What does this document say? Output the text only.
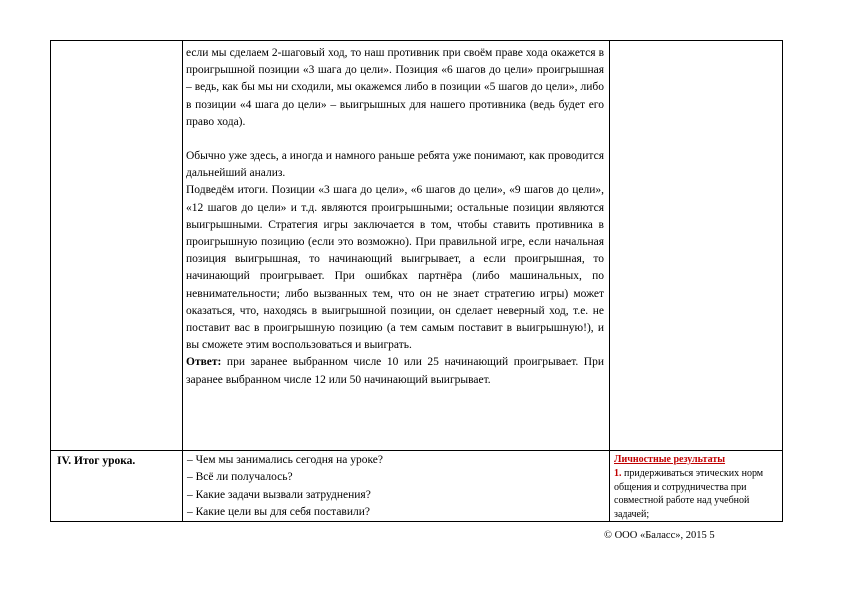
если мы сделаем 2-шаговый ход, то наш противник при своём праве хода окажется в проигрышной позиции «3 шага до цели». Позиция «6 шагов до цели» проигрышная – ведь, как бы мы ни сходили, мы окажемся либо в позиции «5 шагов до цели», либо в позиции «4 шага до цели» – выигрышных для нашего противника (ведь будет его право хода).

Обычно уже здесь, а иногда и намного раньше ребята уже понимают, как проводится дальнейший анализ.

Подведём итоги. Позиции «3 шага до цели», «6 шагов до цели», «9 шагов до цели», «12 шагов до цели» и т.д. являются проигрышными; остальные позиции являются выигрышными. Стратегия игры заключается в том, чтобы ставить противника в проигрышную позицию (если это возможно). При правильной игре, если начальная позиция выигрышная, то начинающий выигрывает, а если проигрышная, то начинающий проигрывает. При ошибках партнёра (либо машинальных, по невнимательности; либо вызванных тем, что он не знает стратегию игры) может оказаться, что, находясь в выигрышной позиции, он сделает неверный ход, т.е. не поставит вас в проигрышную позицию (а тем самым поставит в выигрышную!), и вы сможете этим воспользоваться и выиграть.

Ответ: при заранее выбранном числе 10 или 25 начинающий проигрывает. При заранее выбранном числе 12 или 50 начинающий выигрывает.

IV. Итог урока.	– Чем мы занимались сегодня на уроке?
– Всё ли получалось?
– Какие задачи вызвали затруднения?
– Какие цели вы для себя поставили?
Личностные результаты
1. придерживаться этических норм общения и сотрудничества при совместной работе над учебной задачей;
© ООО «Баласс», 2015 5
